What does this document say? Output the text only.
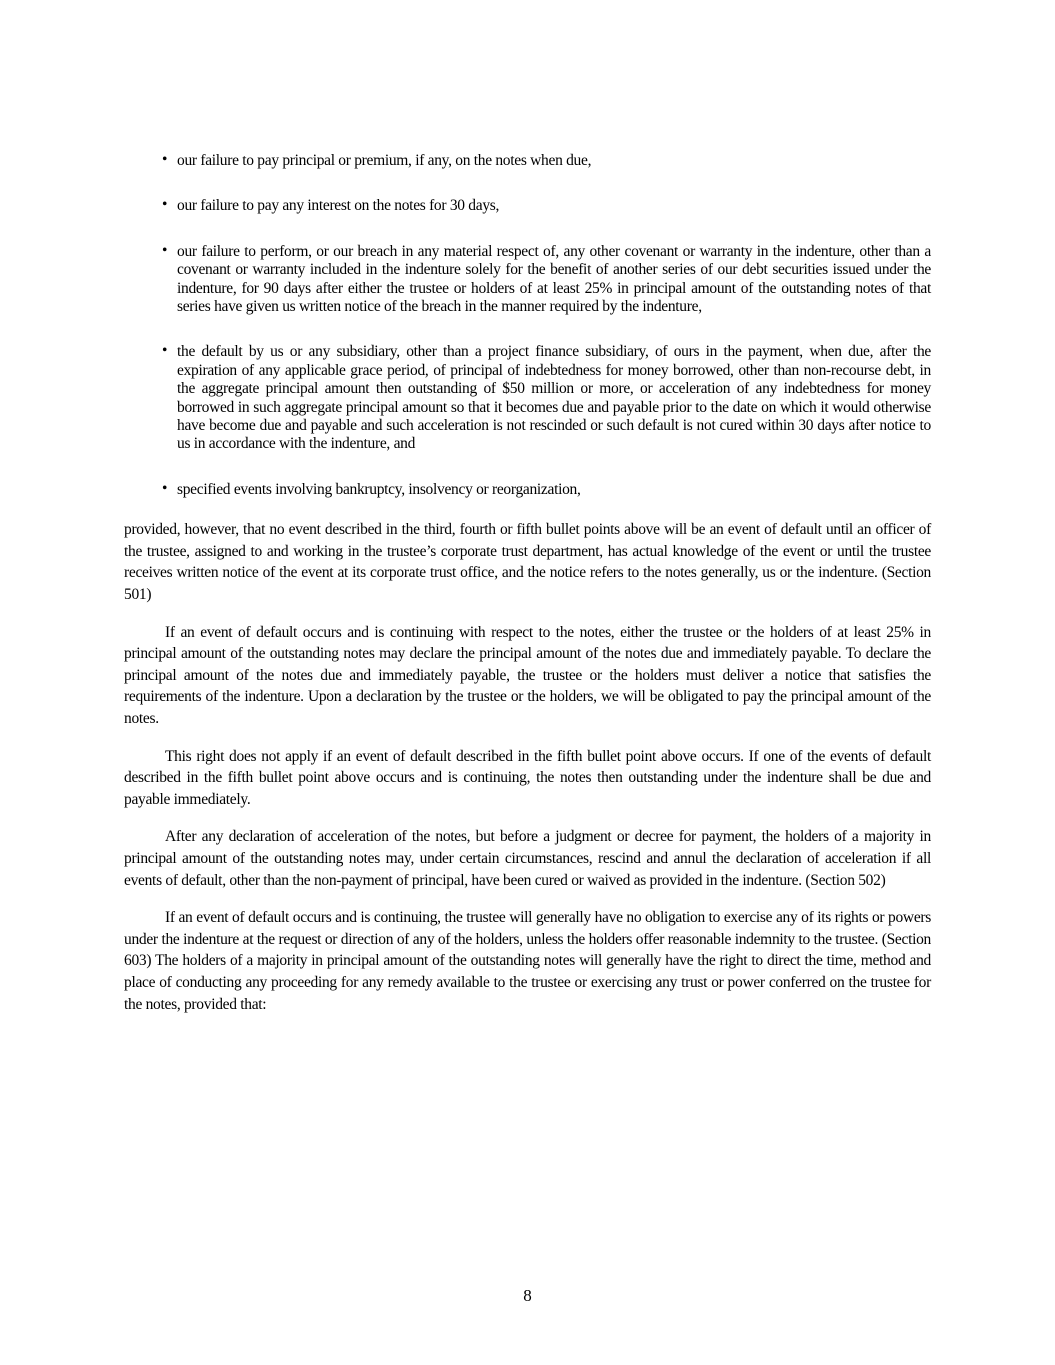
• our failure to pay principal or premium, if any, on the notes when due,
• our failure to pay any interest on the notes for 30 days,
• our failure to perform, or our breach in any material respect of, any other covenant or warranty in the indenture, other than a covenant or warranty included in the indenture solely for the benefit of another series of our debt securities issued under the indenture, for 90 days after either the trustee or holders of at least 25% in principal amount of the outstanding notes of that series have given us written notice of the breach in the manner required by the indenture,
• the default by us or any subsidiary, other than a project finance subsidiary, of ours in the payment, when due, after the expiration of any applicable grace period, of principal of indebtedness for money borrowed, other than non-recourse debt, in the aggregate principal amount then outstanding of $50 million or more, or acceleration of any indebtedness for money borrowed in such aggregate principal amount so that it becomes due and payable prior to the date on which it would otherwise have become due and payable and such acceleration is not rescinded or such default is not cured within 30 days after notice to us in accordance with the indenture, and
• specified events involving bankruptcy, insolvency or reorganization,

provided, however, that no event described in the third, fourth or fifth bullet points above will be an event of default until an officer of the trustee, assigned to and working in the trustee’s corporate trust department, has actual knowledge of the event or until the trustee receives written notice of the event at its corporate trust office, and the notice refers to the notes generally, us or the indenture. (Section 501)

If an event of default occurs and is continuing with respect to the notes, either the trustee or the holders of at least 25% in principal amount of the outstanding notes may declare the principal amount of the notes due and immediately payable. To declare the principal amount of the notes due and immediately payable, the trustee or the holders must deliver a notice that satisfies the requirements of the indenture. Upon a declaration by the trustee or the holders, we will be obligated to pay the principal amount of the notes.

This right does not apply if an event of default described in the fifth bullet point above occurs. If one of the events of default described in the fifth bullet point above occurs and is continuing, the notes then outstanding under the indenture shall be due and payable immediately.

After any declaration of acceleration of the notes, but before a judgment or decree for payment, the holders of a majority in principal amount of the outstanding notes may, under certain circumstances, rescind and annul the declaration of acceleration if all events of default, other than the non-payment of principal, have been cured or waived as provided in the indenture. (Section 502)

If an event of default occurs and is continuing, the trustee will generally have no obligation to exercise any of its rights or powers under the indenture at the request or direction of any of the holders, unless the holders offer reasonable indemnity to the trustee. (Section 603) The holders of a majority in principal amount of the outstanding notes will generally have the right to direct the time, method and place of conducting any proceeding for any remedy available to the trustee or exercising any trust or power conferred on the trustee for the notes, provided that:

8
